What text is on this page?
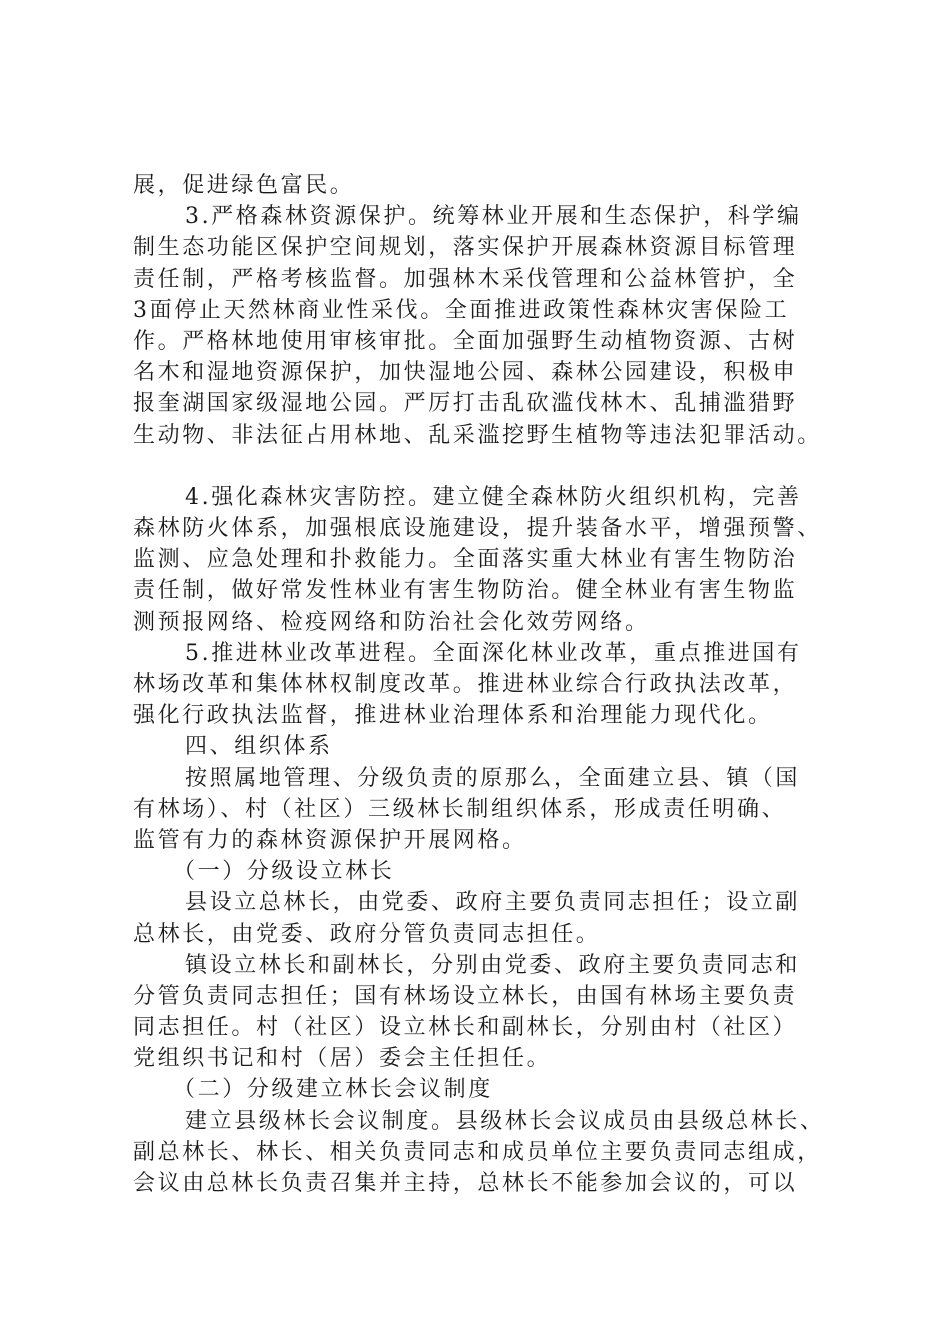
展，促进绿色富民。
3.严格森林资源保护。统筹林业开展和生态保护，科学编
制生态功能区保护空间规划，落实保护开展森林资源目标管理
责任制，严格考核监督。加强林木采伐管理和公益林管护，全
3面停止天然林商业性采伐。全面推进政策性森林灾害保险工
作。严格林地使用审核审批。全面加强野生动植物资源、古树
名木和湿地资源保护，加快湿地公园、森林公园建设，积极申
报奎湖国家级湿地公园。严厉打击乱砍滥伐林木、乱捕滥猎野
生动物、非法征占用林地、乱采滥挖野生植物等违法犯罪活动。
4.强化森林灾害防控。建立健全森林防火组织机构，完善
森林防火体系，加强根底设施建设，提升装备水平，增强预警、
监测、应急处理和扑救能力。全面落实重大林业有害生物防治
责任制，做好常发性林业有害生物防治。健全林业有害生物监
测预报网络、检疫网络和防治社会化效劳网络。
5.推进林业改革进程。全面深化林业改革，重点推进国有
林场改革和集体林权制度改革。推进林业综合行政执法改革，
强化行政执法监督，推进林业治理体系和治理能力现代化。
四、组织体系
按照属地管理、分级负责的原那么，全面建立县、镇（国
有林场）、村（社区）三级林长制组织体系，形成责任明确、
监管有力的森林资源保护开展网格。
（一）分级设立林长
县设立总林长，由党委、政府主要负责同志担任；设立副
总林长，由党委、政府分管负责同志担任。
镇设立林长和副林长，分别由党委、政府主要负责同志和
分管负责同志担任；国有林场设立林长，由国有林场主要负责
同志担任。村（社区）设立林长和副林长，分别由村（社区）
党组织书记和村（居）委会主任担任。
（二）分级建立林长会议制度
建立县级林长会议制度。县级林长会议成员由县级总林长、
副总林长、林长、相关负责同志和成员单位主要负责同志组成，
会议由总林长负责召集并主持，总林长不能参加会议的，可以
